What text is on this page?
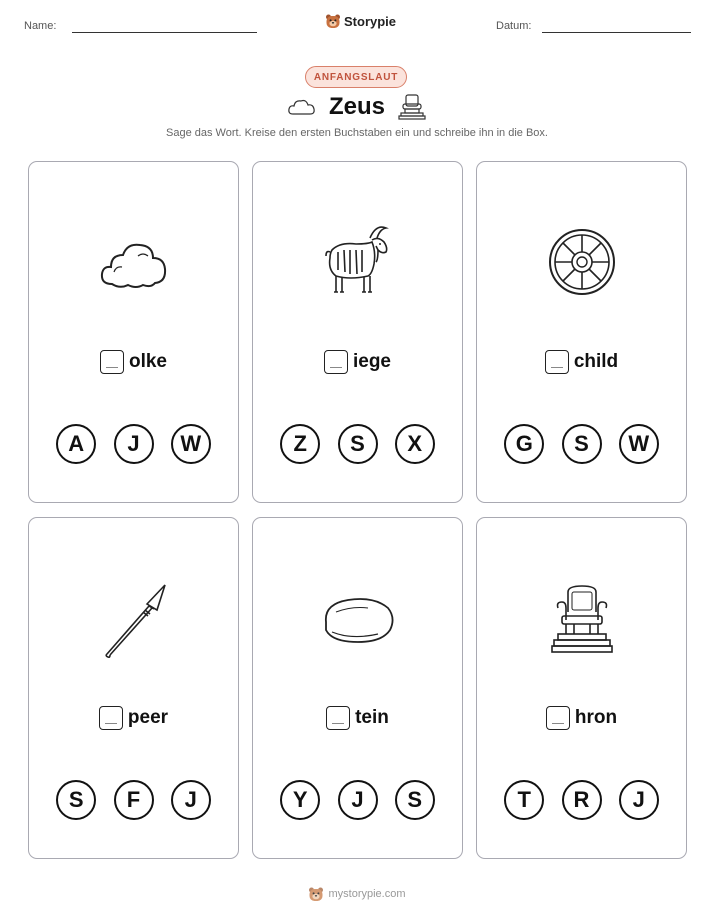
Name:	Storypie	Datum:
ANFANGSLAUT
Zeus
Sage das Wort. Kreise den ersten Buchstaben ein und schreibe ihn in die Box.
olke
A	J	W
iege
Z	S	X
child
G	S	W
peer
S	F	J
tein
Y	J	S
hron
T	R	J
mystorypie.com
